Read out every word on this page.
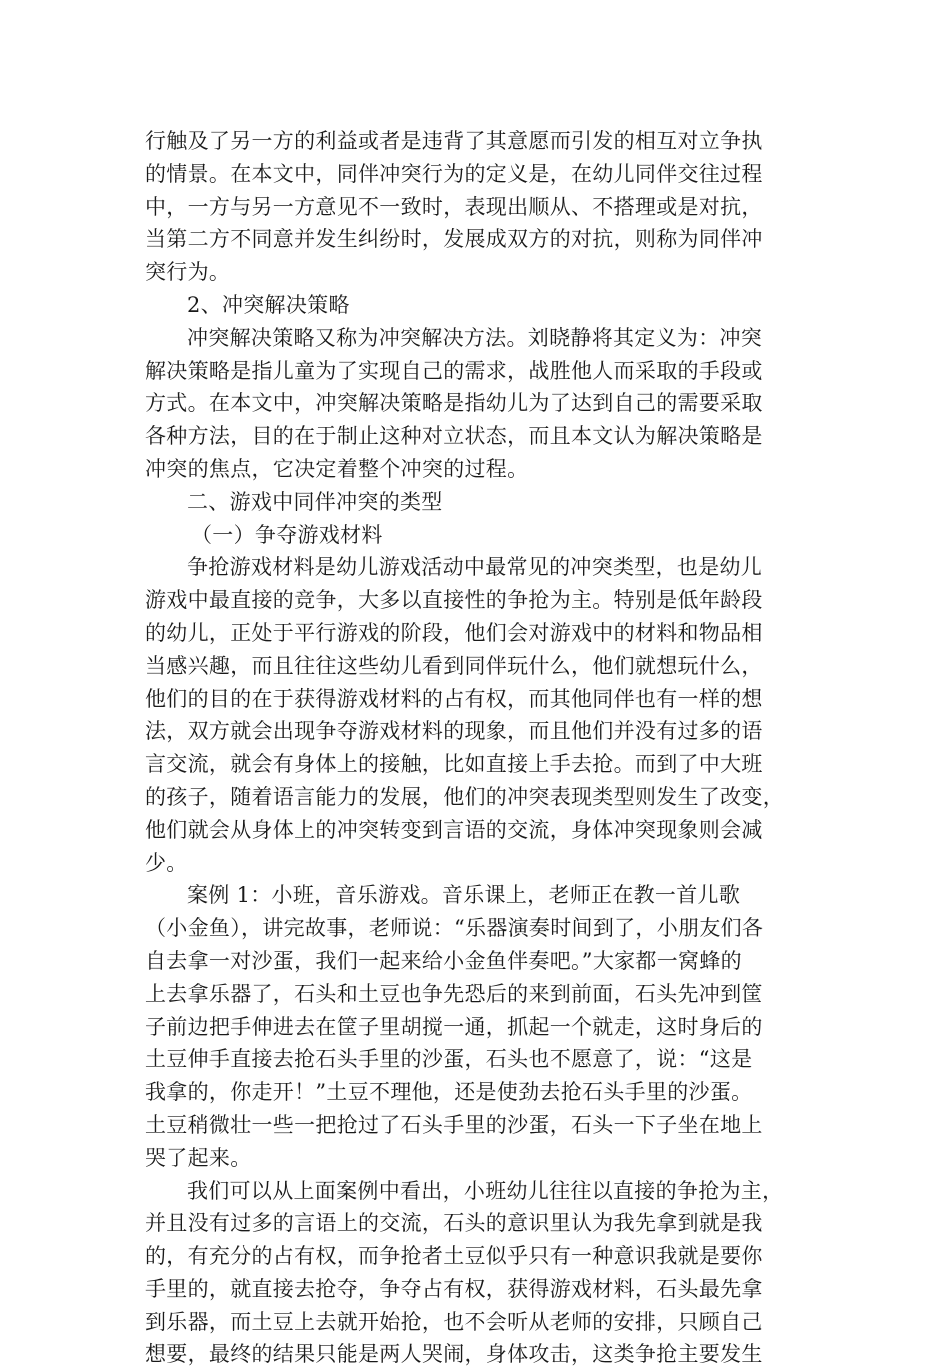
行触及了另一方的利益或者是违背了其意愿而引发的相互对立争执
的情景。在本文中，同伴冲突行为的定义是，在幼儿同伴交往过程
中，一方与另一方意见不一致时，表现出顺从、不搭理或是对抗，
当第二方不同意并发生纠纷时，发展成双方的对抗，则称为同伴冲
突行为。
2、冲突解决策略
冲突解决策略又称为冲突解决方法。刘晓静将其定义为：冲突
解决策略是指儿童为了实现自己的需求，战胜他人而采取的手段或
方式。在本文中，冲突解决策略是指幼儿为了达到自己的需要采取
各种方法，目的在于制止这种对立状态，而且本文认为解决策略是
冲突的焦点，它决定着整个冲突的过程。
二、游戏中同伴冲突的类型
（一）争夺游戏材料
争抢游戏材料是幼儿游戏活动中最常见的冲突类型，也是幼儿
游戏中最直接的竞争，大多以直接性的争抢为主。特别是低年龄段
的幼儿，正处于平行游戏的阶段，他们会对游戏中的材料和物品相
当感兴趣，而且往往这些幼儿看到同伴玩什么，他们就想玩什么，
他们的目的在于获得游戏材料的占有权，而其他同伴也有一样的想
法，双方就会出现争夺游戏材料的现象，而且他们并没有过多的语
言交流，就会有身体上的接触，比如直接上手去抢。而到了中大班
的孩子，随着语言能力的发展，他们的冲突表现类型则发生了改变，
他们就会从身体上的冲突转变到言语的交流，身体冲突现象则会减
少。
案例 1：小班，音乐游戏。音乐课上，老师正在教一首儿歌
（小金鱼），讲完故事，老师说：“乐器演奏时间到了，小朋友们各
自去拿一对沙蛋，我们一起来给小金鱼伴奏吧。”大家都一窝蜂的
上去拿乐器了，石头和土豆也争先恐后的来到前面，石头先冲到筐
子前边把手伸进去在筐子里胡搅一通，抓起一个就走，这时身后的
土豆伸手直接去抢石头手里的沙蛋，石头也不愿意了，说：“这是
我拿的，你走开！”土豆不理他，还是使劲去抢石头手里的沙蛋。
土豆稍微壮一些一把抢过了石头手里的沙蛋，石头一下子坐在地上
哭了起来。
我们可以从上面案例中看出，小班幼儿往往以直接的争抢为主，
并且没有过多的言语上的交流，石头的意识里认为我先拿到就是我
的，有充分的占有权，而争抢者土豆似乎只有一种意识我就是要你
手里的，就直接去抢夺，争夺占有权，获得游戏材料，石头最先拿
到乐器，而土豆上去就开始抢，也不会听从老师的安排，只顾自己
想要，最终的结果只能是两人哭闹，身体攻击，这类争抢主要发生
